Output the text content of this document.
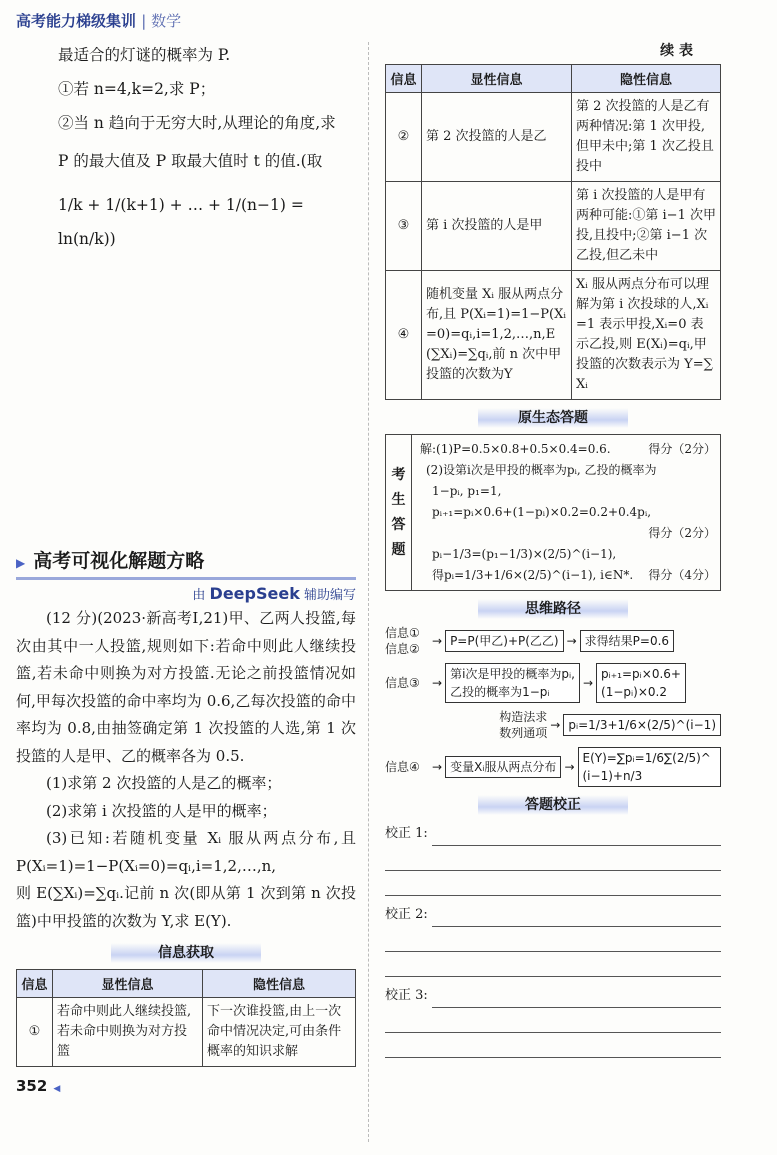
高考能力梯级集训 | 数学
最适合的灯谜的概率为 P.
①若 n=4,k=2,求 P；
②当 n 趋向于无穷大时,从理论的角度,求
P 的最大值及 P 取最大值时 t 的值.(取
1/k + 1/(k+1) + … + 1/(n−1) = ln(n/k))
▶ 高考可视化解题方略
由 DeepSeek 辅助编写

(12 分)(2023·新高考Ⅰ,21)甲、乙两人投篮,每次由其中一人投篮,规则如下:若命中则此人继续投篮,若未命中则换为对方投篮.无论之前投篮情况如何,甲每次投篮的命中率均为 0.6,乙每次投篮的命中率均为 0.8,由抽签确定第 1 次投篮的人选,第 1 次投篮的人是甲、乙的概率各为 0.5.

(1)求第 2 次投篮的人是乙的概率；

(2)求第 i 次投篮的人是甲的概率；

(3)已知:若随机变量 Xᵢ 服从两点分布,且 P(Xᵢ=1)=1−P(Xᵢ=0)=qᵢ,i=1,2,…,n,

则 E(∑Xᵢ)=∑qᵢ.记前 n 次(即从第 1 次到第 n 次投篮)中甲投篮的次数为 Y,求 E(Y).

信息获取
信息	显性信息	隐性信息
①	若命中则此人继续投篮,若未命中则换为对方投篮	下一次谁投篮,由上一次命中情况决定,可由条件概率的知识求解
352 ◀
续 表
信息	显性信息	隐性信息
②	第 2 次投篮的人是乙	第 2 次投篮的人是乙有两种情况:第 1 次甲投,但甲未中;第 1 次乙投且投中
③	第 i 次投篮的人是甲	第 i 次投篮的人是甲有两种可能:①第 i−1 次甲投,且投中;②第 i−1 次乙投,但乙未中
④	随机变量 Xᵢ 服从两点分布,且 P(Xᵢ=1)=1−P(Xᵢ=0)=qᵢ,i=1,2,…,n,E(∑Xᵢ)=∑qᵢ,前 n 次中甲投篮的次数为Y	Xᵢ 服从两点分布可以理解为第 i 次投球的人,Xᵢ=1 表示甲投,Xᵢ=0 表示乙投,则 E(Xᵢ)=qᵢ,甲投篮的次数表示为 Y=∑Xᵢ
原生态答题
考
生
答
题
解:(1)P=0.5×0.8+0.5×0.4=0.6.	得分（2分）
(2)设第i次是甲投的概率为pᵢ, 乙投的概率为
1−pᵢ, p₁=1,
pᵢ₊₁=pᵢ×0.6+(1−pᵢ)×0.2=0.2+0.4pᵢ,
得分（2分）
pᵢ−1/3=(p₁−1/3)×(2/5)^(i−1),
得pᵢ=1/3+1/6×(2/5)^(i−1), i∈N*. 得分（4分）
思维路径
信息①
信息②
→ P=P(甲乙)+P(乙乙) → 求得结果P=0.6
信息③	→
第i次是甲投的概率为pᵢ,
乙投的概率为1−pᵢ
→
pᵢ₊₁=pᵢ×0.6+
(1−pᵢ)×0.2
构造法求
数列通项
→ pᵢ=1/3+1/6×(2/5)^(i−1)
信息④	→ 变量Xᵢ服从两点分布 →
E(Y)=∑pᵢ=1/6∑(2/5)^(i−1)+n/3
答题校正
校正 1:
校正 2:
校正 3:
